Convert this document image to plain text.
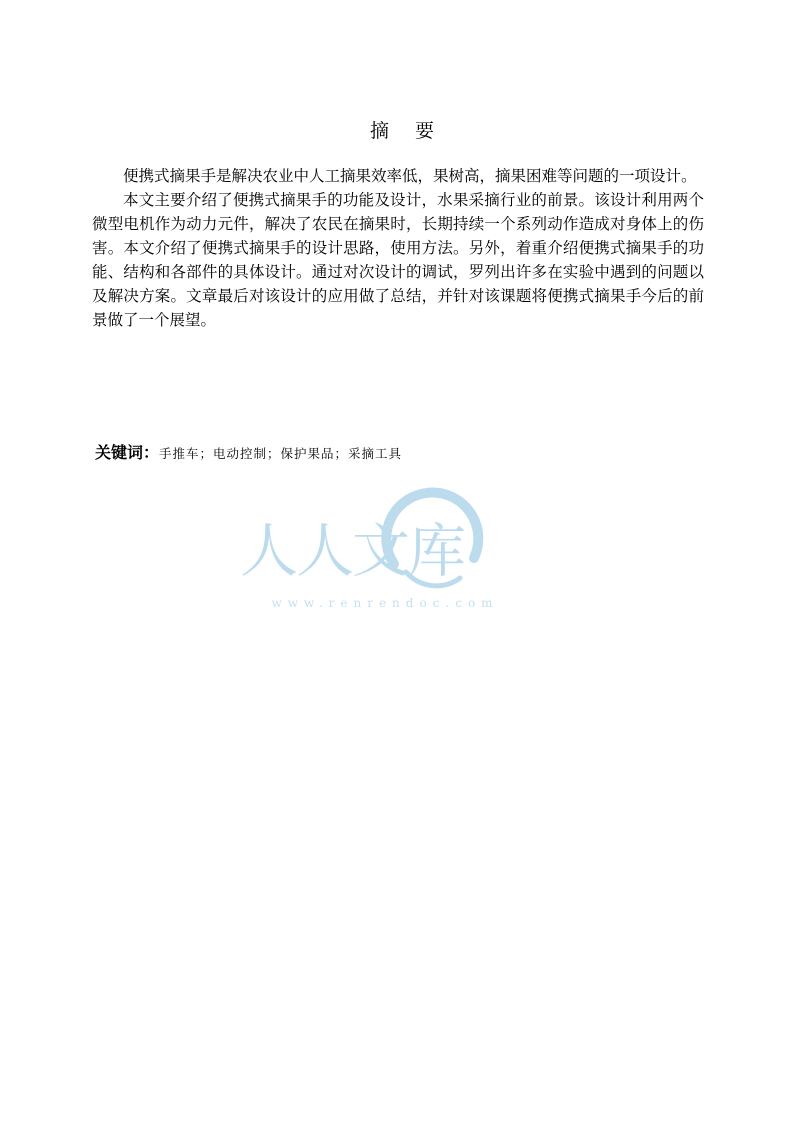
摘 要

便携式摘果手是解决农业中人工摘果效率低，果树高，摘果困难等问题的一项设计。

本文主要介绍了便携式摘果手的功能及设计，水果采摘行业的前景。该设计利用两个微型电机作为动力元件，解决了农民在摘果时，长期持续一个系列动作造成对身体上的伤害。本文介绍了便携式摘果手的设计思路，使用方法。另外，着重介绍便携式摘果手的功能、结构和各部件的具体设计。通过对次设计的调试，罗列出许多在实验中遇到的问题以及解决方案。文章最后对该设计的应用做了总结，并针对该课题将便携式摘果手今后的前景做了一个展望。

关键词：手推车；电动控制；保护果品；采摘工具
人人文库
www.renrendoc.com
